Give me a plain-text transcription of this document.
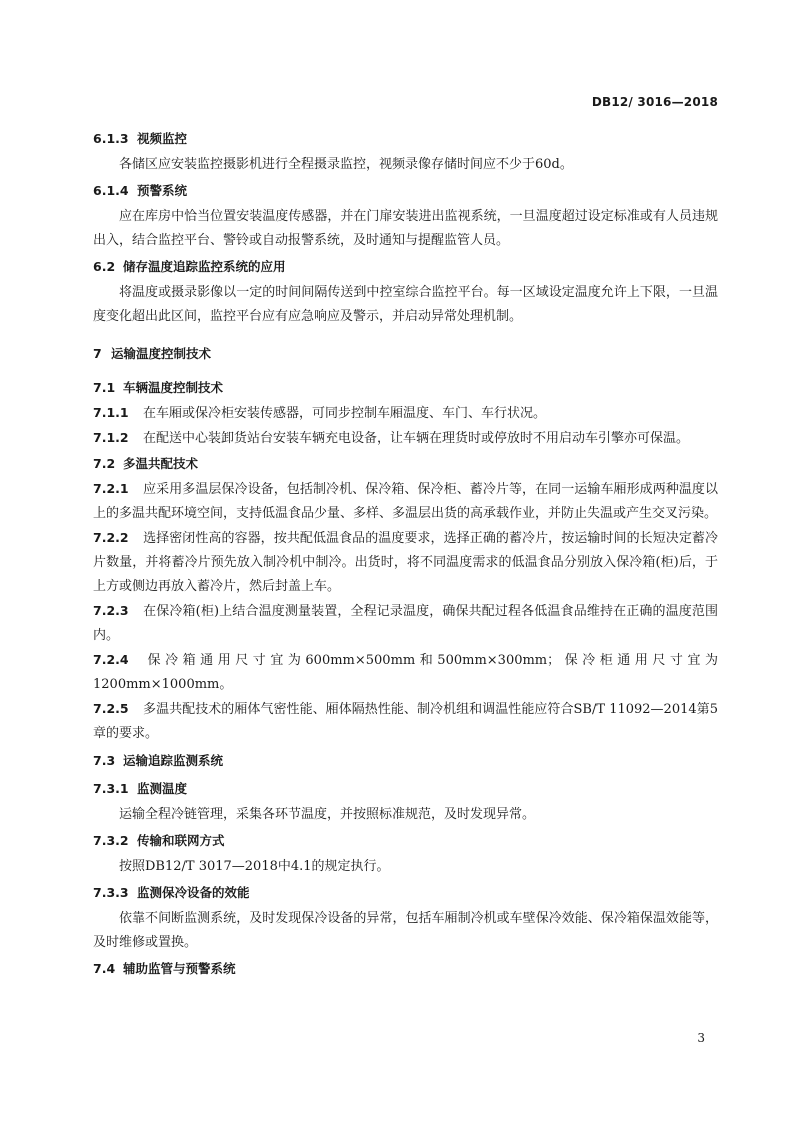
DB12/ 3016—2018
6.1.3 视频监控
各储区应安装监控摄影机进行全程摄录监控，视频录像存储时间应不少于60d。
6.1.4 预警系统
应在库房中恰当位置安装温度传感器，并在门扉安装进出监视系统，一旦温度超过设定标准或有人员违规出入，结合监控平台、警铃或自动报警系统，及时通知与提醒监管人员。
6.2 储存温度追踪监控系统的应用
将温度或摄录影像以一定的时间间隔传送到中控室综合监控平台。每一区域设定温度允许上下限，一旦温度变化超出此区间，监控平台应有应急响应及警示，并启动异常处理机制。
7 运输温度控制技术
7.1 车辆温度控制技术
7.1.1 在车厢或保冷柜安装传感器，可同步控制车厢温度、车门、车行状况。
7.1.2 在配送中心装卸货站台安装车辆充电设备，让车辆在理货时或停放时不用启动车引擎亦可保温。
7.2 多温共配技术
7.2.1 应采用多温层保冷设备，包括制冷机、保冷箱、保冷柜、蓄冷片等，在同一运输车厢形成两种温度以上的多温共配环境空间，支持低温食品少量、多样、多温层出货的高承载作业，并防止失温或产生交叉污染。
7.2.2 选择密闭性高的容器，按共配低温食品的温度要求，选择正确的蓄冷片，按运输时间的长短决定蓄冷片数量，并将蓄冷片预先放入制冷机中制冷。出货时，将不同温度需求的低温食品分别放入保冷箱(柜)后，于上方或侧边再放入蓄冷片，然后封盖上车。
7.2.3 在保冷箱(柜)上结合温度测量装置，全程记录温度，确保共配过程各低温食品维持在正确的温度范围内。
7.2.4 保冷箱通用尺寸宜为600mm×500mm和500mm×300mm；保冷柜通用尺寸宜为1200mm×1000mm。
7.2.5 多温共配技术的厢体气密性能、厢体隔热性能、制冷机组和调温性能应符合SB/T 11092—2014第5章的要求。
7.3 运输追踪监测系统
7.3.1 监测温度
运输全程冷链管理，采集各环节温度，并按照标准规范，及时发现异常。
7.3.2 传输和联网方式
按照DB12/T 3017—2018中4.1的规定执行。
7.3.3 监测保冷设备的效能
依靠不间断监测系统，及时发现保冷设备的异常，包括车厢制冷机或车壁保冷效能、保冷箱保温效能等，及时维修或置换。
7.4 辅助监管与预警系统
3
